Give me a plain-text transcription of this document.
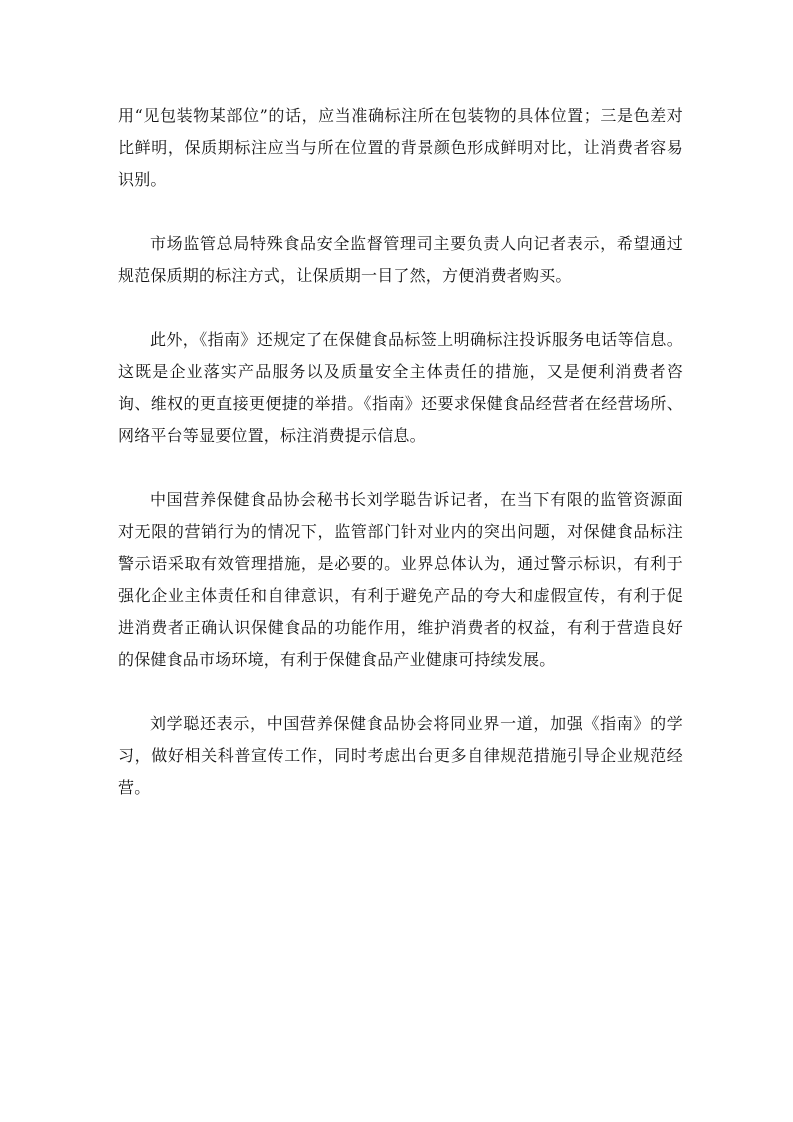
用“见包装物某部位”的话，应当准确标注所在包装物的具体位置；三是色差对比鲜明，保质期标注应当与所在位置的背景颜色形成鲜明对比，让消费者容易识别。

市场监管总局特殊食品安全监督管理司主要负责人向记者表示，希望通过规范保质期的标注方式，让保质期一目了然，方便消费者购买。

此外，《指南》还规定了在保健食品标签上明确标注投诉服务电话等信息。这既是企业落实产品服务以及质量安全主体责任的措施，又是便利消费者咨询、维权的更直接更便捷的举措。《指南》还要求保健食品经营者在经营场所、网络平台等显要位置，标注消费提示信息。

中国营养保健食品协会秘书长刘学聪告诉记者，在当下有限的监管资源面对无限的营销行为的情况下，监管部门针对业内的突出问题，对保健食品标注警示语采取有效管理措施，是必要的。业界总体认为，通过警示标识，有利于强化企业主体责任和自律意识，有利于避免产品的夸大和虚假宣传，有利于促进消费者正确认识保健食品的功能作用，维护消费者的权益，有利于营造良好的保健食品市场环境，有利于保健食品产业健康可持续发展。

刘学聪还表示，中国营养保健食品协会将同业界一道，加强《指南》的学习，做好相关科普宣传工作，同时考虑出台更多自律规范措施引导企业规范经营。
